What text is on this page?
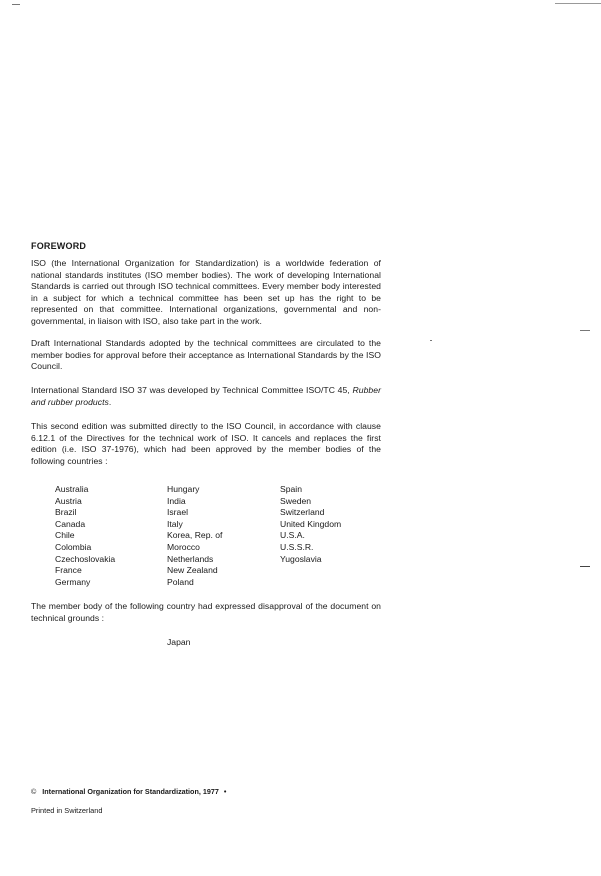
FOREWORD
ISO (the International Organization for Standardization) is a worldwide federation of national standards institutes (ISO member bodies). The work of developing International Standards is carried out through ISO technical committees. Every member body interested in a subject for which a technical committee has been set up has the right to be represented on that committee. International organizations, governmental and non-governmental, in liaison with ISO, also take part in the work.
Draft International Standards adopted by the technical committees are circulated to the member bodies for approval before their acceptance as International Standards by the ISO Council.
International Standard ISO 37 was developed by Technical Committee ISO/TC 45, Rubber and rubber products.
This second edition was submitted directly to the ISO Council, in accordance with clause 6.12.1 of the Directives for the technical work of ISO. It cancels and replaces the first edition (i.e. ISO 37-1976), which had been approved by the member bodies of the following countries :
Australia
Austria
Brazil
Canada
Chile
Colombia
Czechoslovakia
France
Germany
Hungary
India
Israel
Italy
Korea, Rep. of
Morocco
Netherlands
New Zealand
Poland
Spain
Sweden
Switzerland
United Kingdom
U.S.A.
U.S.S.R.
Yugoslavia
The member body of the following country had expressed disapproval of the document on technical grounds :
Japan
© International Organization for Standardization, 1977 •
Printed in Switzerland
